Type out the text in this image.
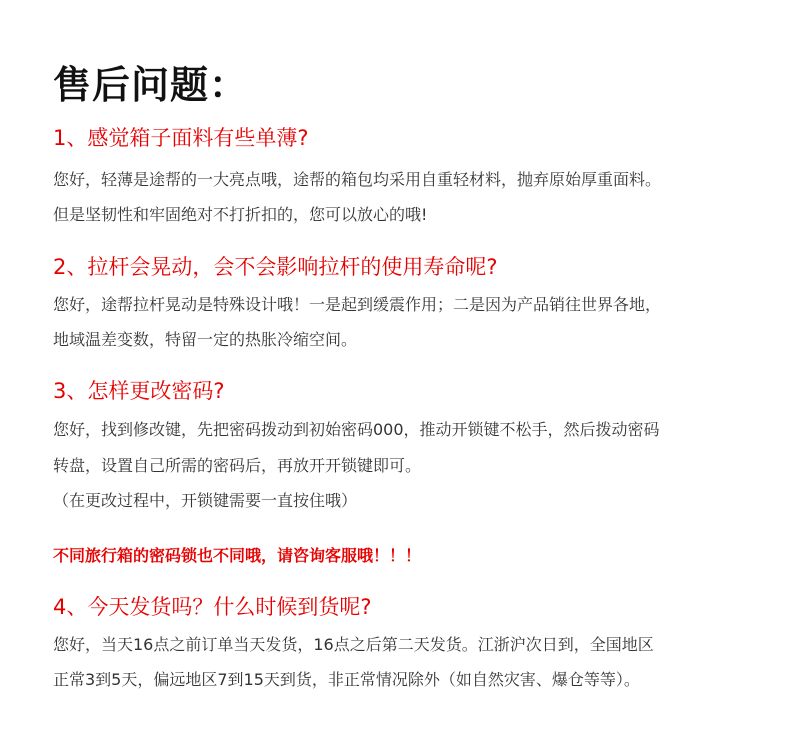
售后问题：
1、感觉箱子面料有些单薄?
您好，轻薄是途帮的一大亮点哦，途帮的箱包均采用自重轻材料，抛弃原始厚重面料。
但是坚韧性和牢固绝对不打折扣的，您可以放心的哦!
2、拉杆会晃动，会不会影响拉杆的使用寿命呢?
您好，途帮拉杆晃动是特殊设计哦！一是起到缓震作用；二是因为产品销往世界各地，
地域温差变数，特留一定的热胀冷缩空间。
3、怎样更改密码?
您好，找到修改键，先把密码拨动到初始密码000，推动开锁键不松手，然后拨动密码
转盘，设置自己所需的密码后，再放开开锁键即可。
（在更改过程中，开锁键需要一直按住哦）
不同旅行箱的密码锁也不同哦，请咨询客服哦！！！
4、今天发货吗？什么时候到货呢?
您好，当天16点之前订单当天发货，16点之后第二天发货。江浙沪次日到，全国地区
正常3到5天，偏远地区7到15天到货，非正常情况除外（如自然灾害、爆仓等等）。
